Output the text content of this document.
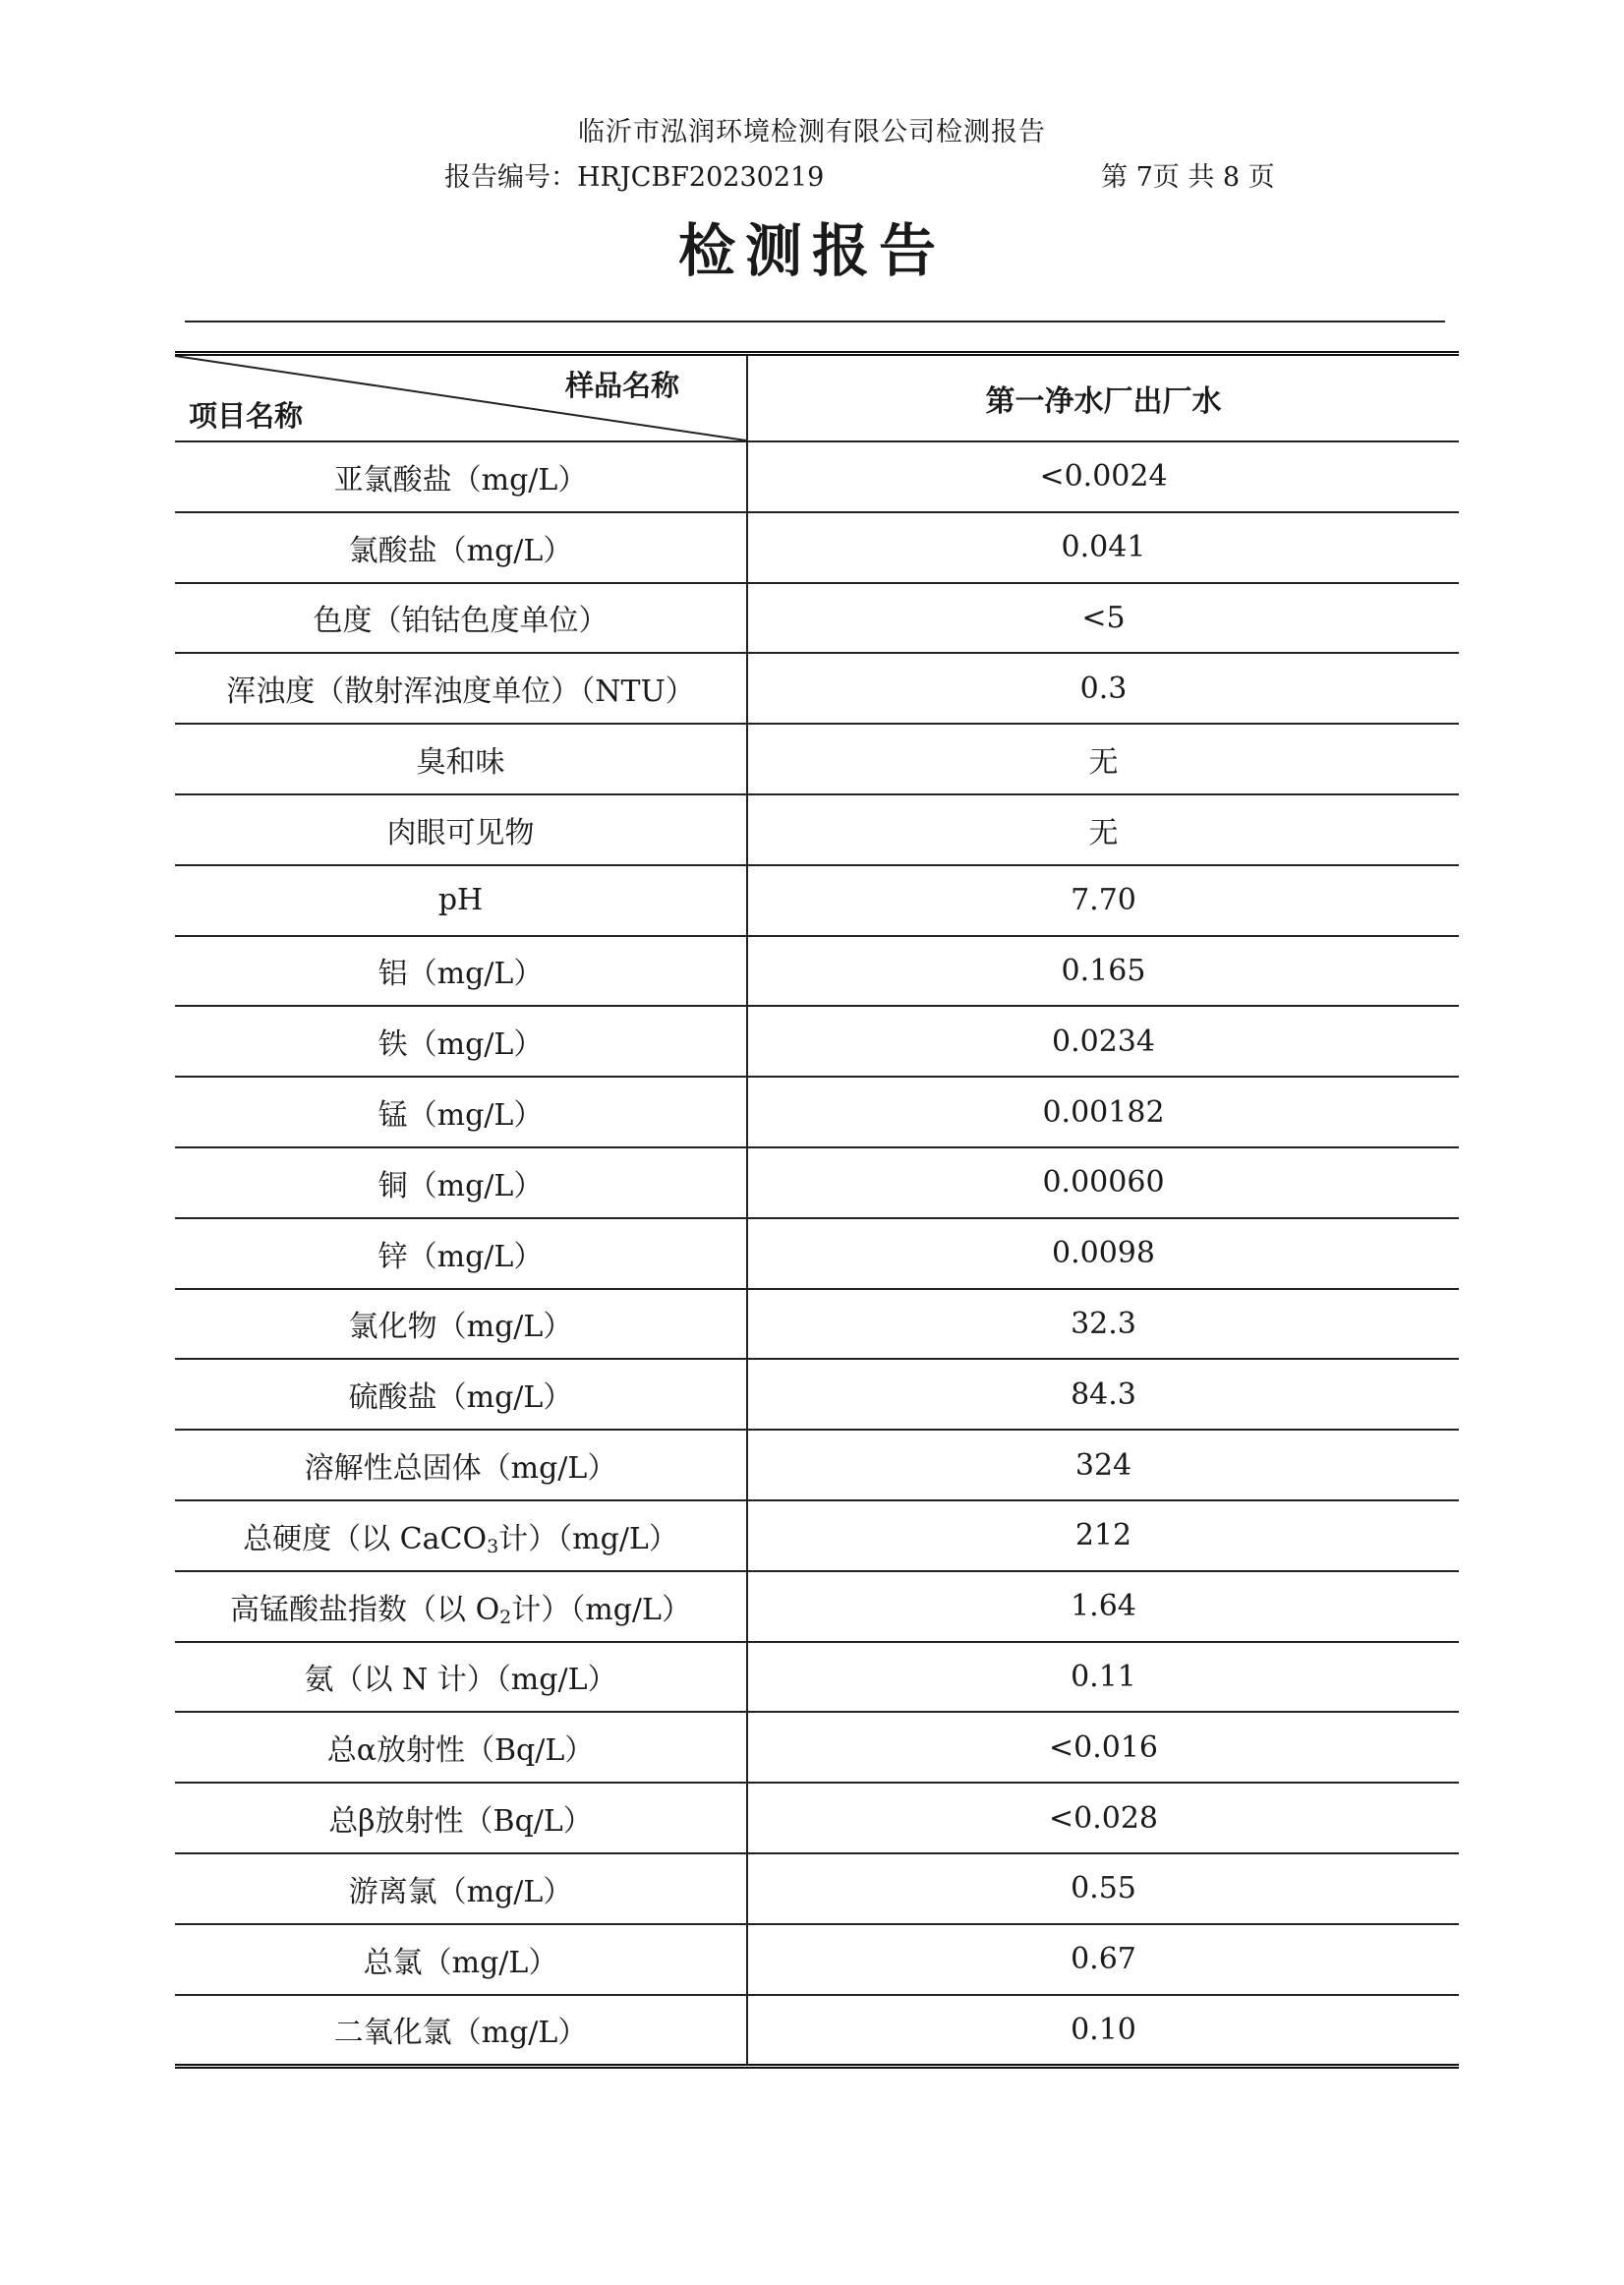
临沂市泓润环境检测有限公司检测报告
报告编号：HRJCBF20230219	第 7页 共 8 页
检测报告
样品名称
项目名称	第一净水厂出厂水
亚氯酸盐（mg/L）	<0.0024
氯酸盐（mg/L）	0.041
色度（铂钴色度单位）	<5
浑浊度（散射浑浊度单位）（NTU）	0.3
臭和味	无
肉眼可见物	无
pH	7.70
铝（mg/L）	0.165
铁（mg/L）	0.0234
锰（mg/L）	0.00182
铜（mg/L）	0.00060
锌（mg/L）	0.0098
氯化物（mg/L）	32.3
硫酸盐（mg/L）	84.3
溶解性总固体（mg/L）	324
总硬度（以 CaCO$_3$计）（mg/L）	212
高锰酸盐指数（以 $O_2$计）（mg/L）	1.64
氨（以 N 计）（mg/L）	0.11
总α放射性（Bq/L）	<0.016
总β放射性（Bq/L）	<0.028
游离氯（mg/L）	0.55
总氯（mg/L）	0.67
二氧化氯（mg/L）	0.10
